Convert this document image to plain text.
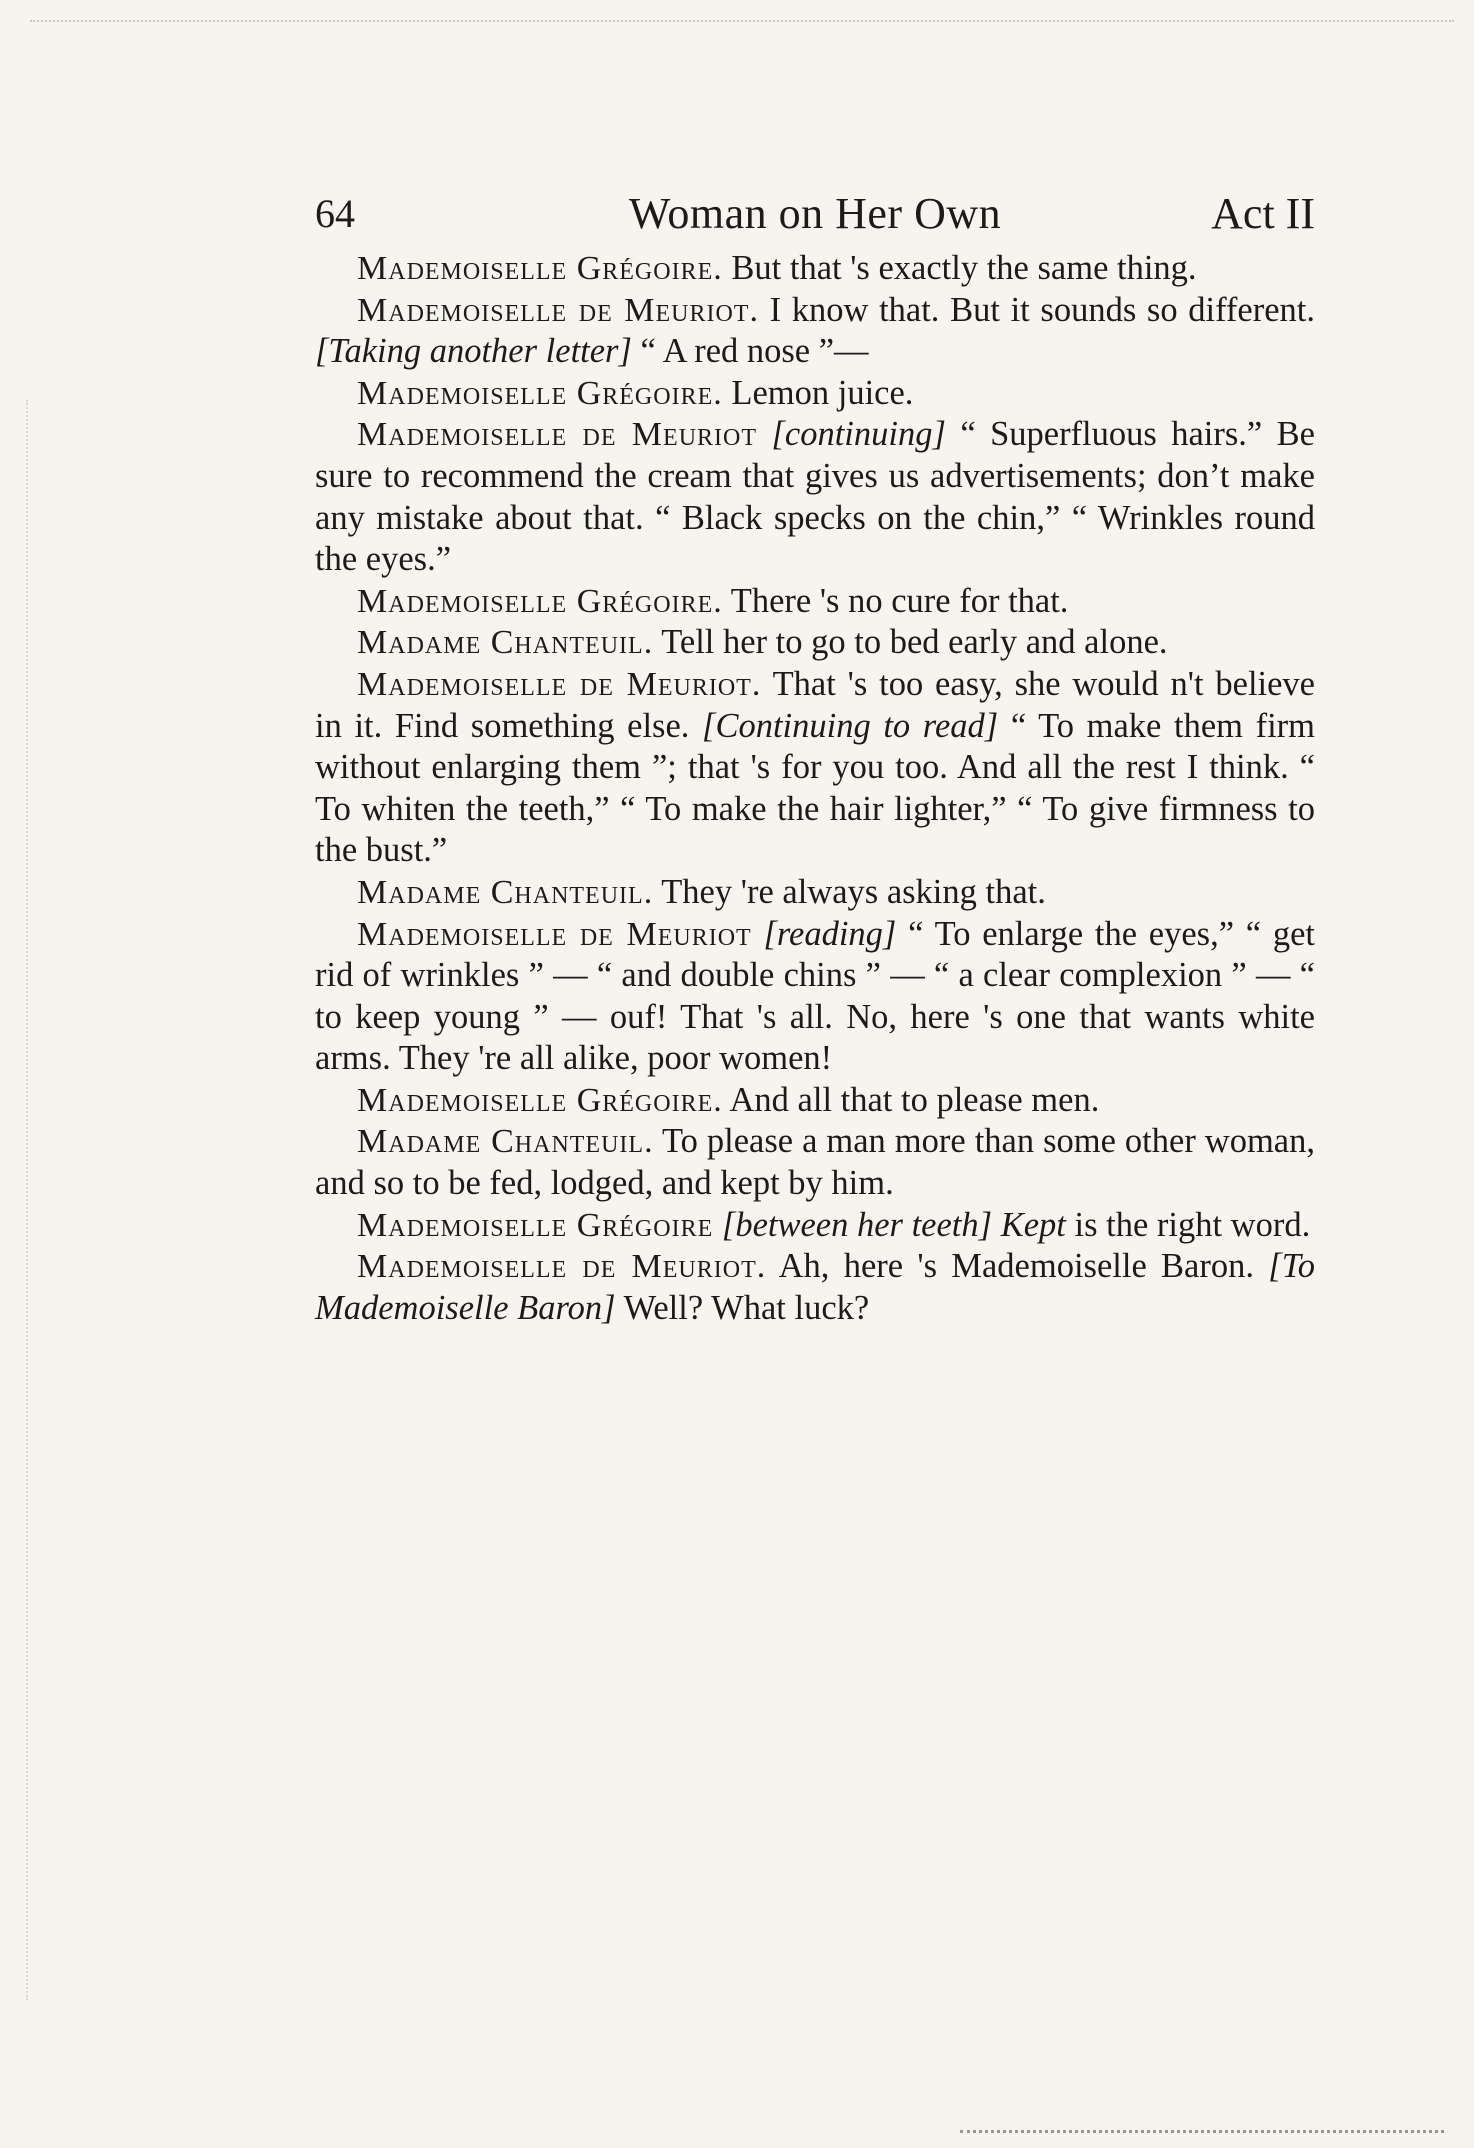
64	Woman on Her Own	Act II

Mademoiselle Grégoire. But that 's exactly the same thing.

Mademoiselle de Meuriot. I know that. But it sounds so different. [Taking another letter] “ A red nose ”—

Mademoiselle Grégoire. Lemon juice.

Mademoiselle de Meuriot [continuing] “ Superfluous hairs.” Be sure to recommend the cream that gives us advertisements; don’t make any mistake about that. “ Black specks on the chin,” “ Wrinkles round the eyes.”

Mademoiselle Grégoire. There 's no cure for that.

Madame Chanteuil. Tell her to go to bed early and alone.

Mademoiselle de Meuriot. That 's too easy, she would n't believe in it. Find something else. [Continuing to read] “ To make them firm without enlarging them ”; that 's for you too. And all the rest I think. “ To whiten the teeth,” “ To make the hair lighter,” “ To give firmness to the bust.”

Madame Chanteuil. They 're always asking that.

Mademoiselle de Meuriot [reading] “ To enlarge the eyes,” “ get rid of wrinkles ” — “ and double chins ” — “ a clear complexion ” — “ to keep young ” — ouf! That 's all. No, here 's one that wants white arms. They 're all alike, poor women!

Mademoiselle Grégoire. And all that to please men.

Madame Chanteuil. To please a man more than some other woman, and so to be fed, lodged, and kept by him.

Mademoiselle Grégoire [between her teeth] Kept is the right word.

Mademoiselle de Meuriot. Ah, here 's Mademoiselle Baron. [To Mademoiselle Baron] Well? What luck?
